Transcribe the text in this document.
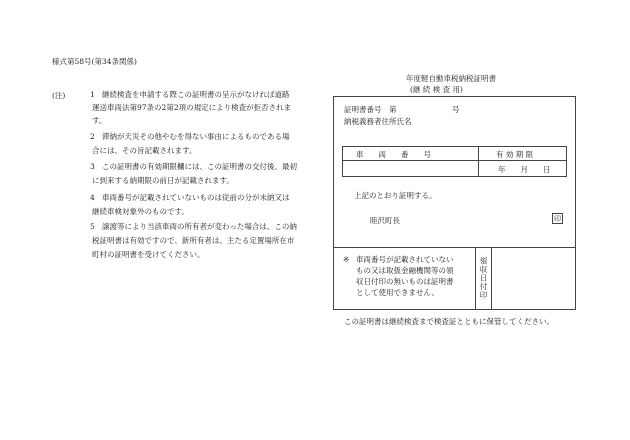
様式第58号(第34条関係)
(注)	1 継続検査を申請する際この証明書の呈示がなければ道路
運送車両法第97条の2第2項の規定により検査が拒否されま
す。
2 滞納が天災その他やむを得ない事由によるものである場
合には、その旨記載されます。
3 この証明書の有効期限欄には、この証明書の交付後、最初
に到来する納期限の前日が記載されます。
4 車両番号が記載されていないものは従前の分が未納又は
継続車検対象外のものです。
5 譲渡等により当該車両の所有者が変わった場合は、この納
税証明書は有効ですので、新所有者は、主たる定置場所在市
町村の証明書を受けてください。
年度軽自動車税納税証明書
(継 続 検 査 用)
証明書番号　第	号
納税義務者住所氏名
車　　両　　番　　号	有 効 期 限
年　　月　　日
上記のとおり証明する。
睦沢町長	印
※ 車両番号が記載されていない
もの又は取扱金融機関等の領
収日付印の無いものは証明書
として使用できません。	領収日付印
この証明書は継続検査まで検査証とともに保管してください。
